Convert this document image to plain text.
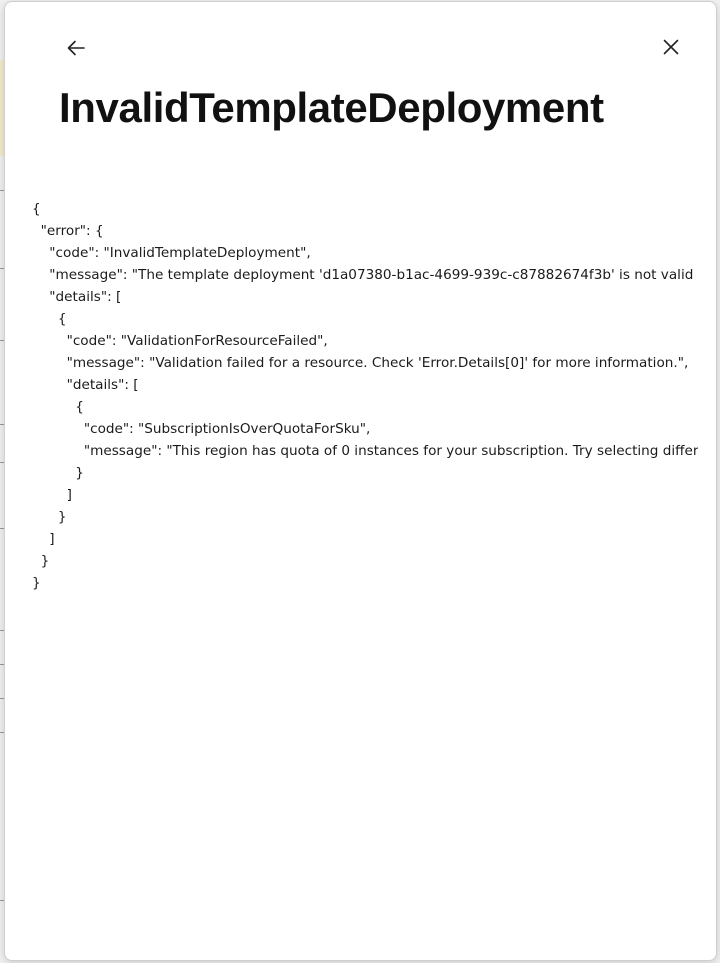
InvalidTemplateDeployment
{
"error": {
"code": "InvalidTemplateDeployment",
"message": "The template deployment 'd1a07380-b1ac-4699-939c-c87882674f3b' is not valid
"details": [
{
"code": "ValidationForResourceFailed",
"message": "Validation failed for a resource. Check 'Error.Details[0]' for more information.",
"details": [
{
"code": "SubscriptionIsOverQuotaForSku",
"message": "This region has quota of 0 instances for your subscription. Try selecting differ
}
]
}
]
}
}
